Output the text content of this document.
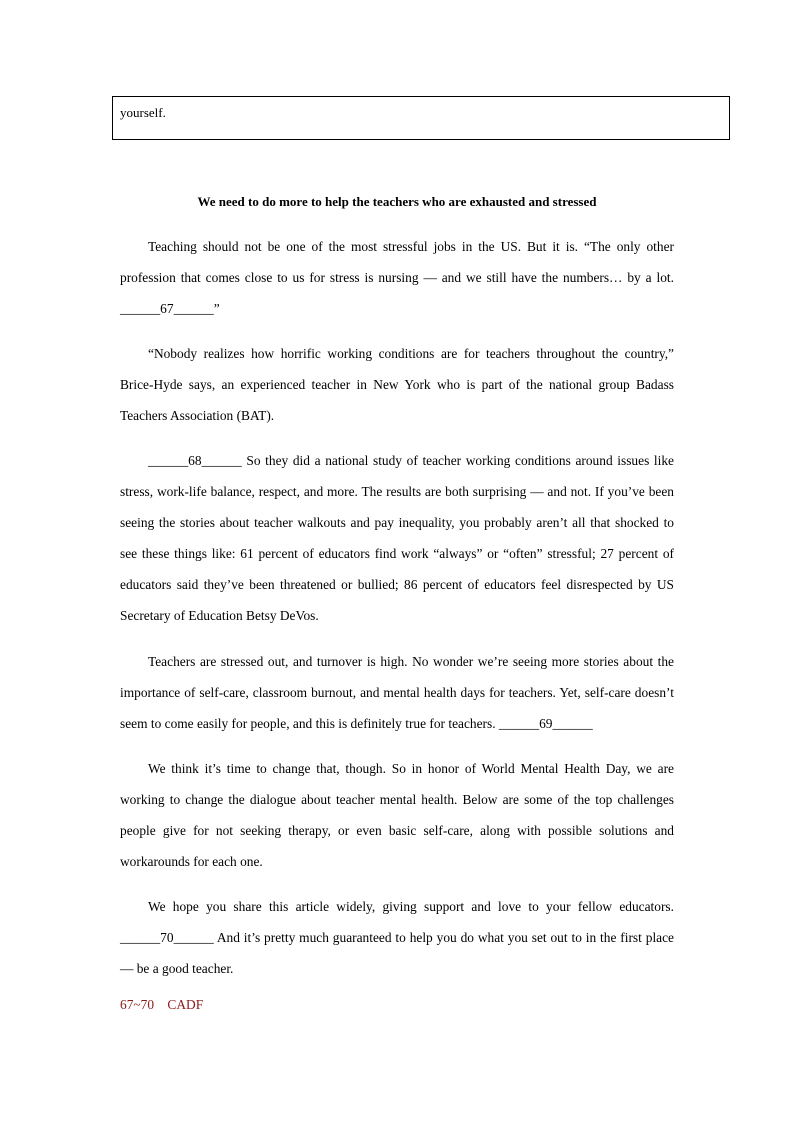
yourself.
We need to do more to help the teachers who are exhausted and stressed

Teaching should not be one of the most stressful jobs in the US. But it is. “The only other profession that comes close to us for stress is nursing — and we still have the numbers… by a lot. ______67______”

“Nobody realizes how horrific working conditions are for teachers throughout the country,” Brice-Hyde says, an experienced teacher in New York who is part of the national group Badass Teachers Association (BAT).

______68______ So they did a national study of teacher working conditions around issues like stress, work-life balance, respect, and more. The results are both surprising — and not. If you’ve been seeing the stories about teacher walkouts and pay inequality, you probably aren’t all that shocked to see these things like: 61 percent of educators find work “always” or “often” stressful; 27 percent of educators said they’ve been threatened or bullied; 86 percent of educators feel disrespected by US Secretary of Education Betsy DeVos.

Teachers are stressed out, and turnover is high. No wonder we’re seeing more stories about the importance of self-care, classroom burnout, and mental health days for teachers. Yet, self-care doesn’t seem to come easily for people, and this is definitely true for teachers. ______69______

We think it’s time to change that, though. So in honor of World Mental Health Day, we are working to change the dialogue about teacher mental health. Below are some of the top challenges people give for not seeking therapy, or even basic self-care, along with possible solutions and workarounds for each one.

We hope you share this article widely, giving support and love to your fellow educators. ______70______ And it’s pretty much guaranteed to help you do what you set out to in the first place — be a good teacher.

67~70    CADF
